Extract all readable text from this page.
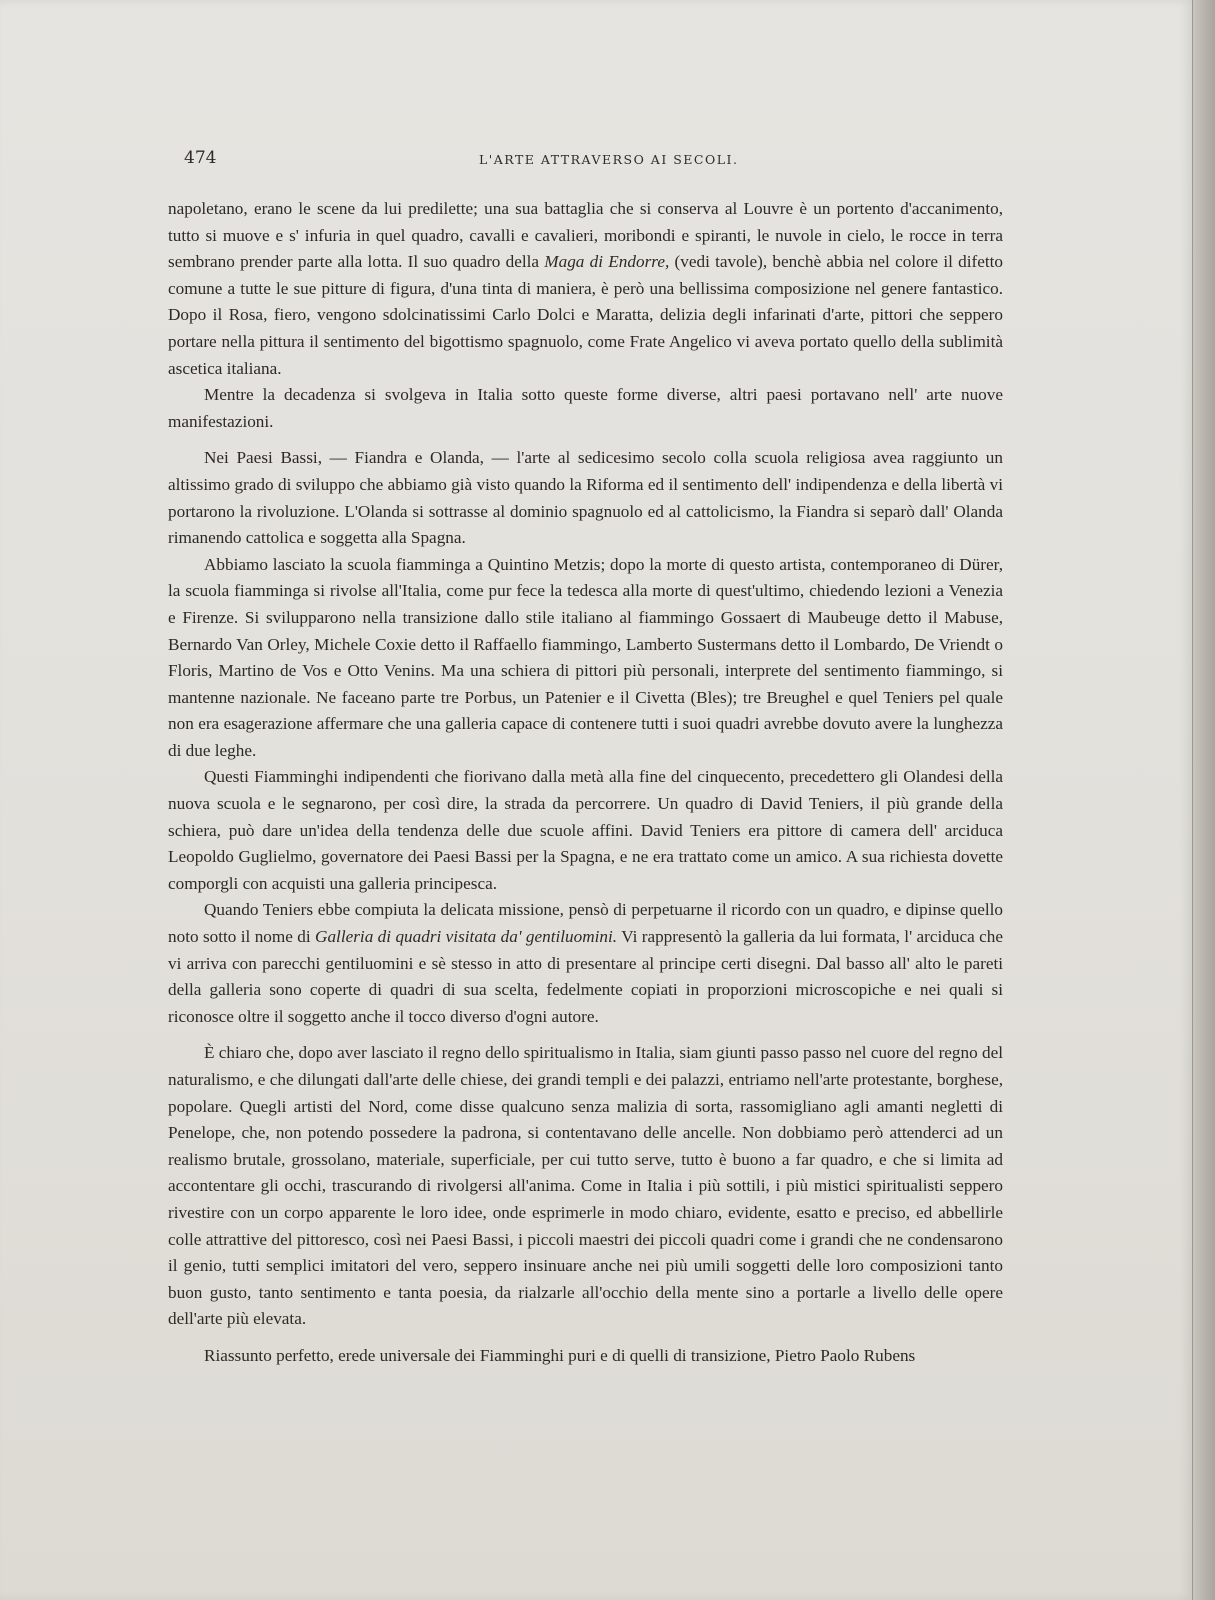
474	L'ARTE ATTRAVERSO AI SECOLI.

napoletano, erano le scene da lui predilette; una sua battaglia che si conserva al Louvre è un portento d'accanimento, tutto si muove e s' infuria in quel quadro, cavalli e cavalieri, moribondi e spiranti, le nuvole in cielo, le rocce in terra sembrano prender parte alla lotta. Il suo quadro della Maga di Endorre, (vedi tavole), benchè abbia nel colore il difetto comune a tutte le sue pitture di figura, d'una tinta di maniera, è però una bellissima composizione nel genere fantastico. Dopo il Rosa, fiero, vengono sdolcinatissimi Carlo Dolci e Maratta, delizia degli infarinati d'arte, pittori che seppero portare nella pittura il sentimento del bigottismo spagnuolo, come Frate Angelico vi aveva portato quello della sublimità ascetica italiana.

Mentre la decadenza si svolgeva in Italia sotto queste forme diverse, altri paesi portavano nell' arte nuove manifestazioni.

Nei Paesi Bassi, — Fiandra e Olanda, — l'arte al sedicesimo secolo colla scuola religiosa avea raggiunto un altissimo grado di sviluppo che abbiamo già visto quando la Riforma ed il sentimento dell' indipendenza e della libertà vi portarono la rivoluzione. L'Olanda si sottrasse al dominio spagnuolo ed al cattolicismo, la Fiandra si separò dall' Olanda rimanendo cattolica e soggetta alla Spagna.

Abbiamo lasciato la scuola fiamminga a Quintino Metzis; dopo la morte di questo artista, contemporaneo di Dürer, la scuola fiamminga si rivolse all'Italia, come pur fece la tedesca alla morte di quest'ultimo, chiedendo lezioni a Venezia e Firenze. Si svilupparono nella transizione dallo stile italiano al fiammingo Gossaert di Maubeuge detto il Mabuse, Bernardo Van Orley, Michele Coxie detto il Raffaello fiammingo, Lamberto Sustermans detto il Lombardo, De Vriendt o Floris, Martino de Vos e Otto Venins. Ma una schiera di pittori più personali, interprete del sentimento fiammingo, si mantenne nazionale. Ne faceano parte tre Porbus, un Patenier e il Civetta (Bles); tre Breughel e quel Teniers pel quale non era esagerazione affermare che una galleria capace di contenere tutti i suoi quadri avrebbe dovuto avere la lunghezza di due leghe.

Questi Fiamminghi indipendenti che fiorivano dalla metà alla fine del cinquecento, precedettero gli Olandesi della nuova scuola e le segnarono, per così dire, la strada da percorrere. Un quadro di David Teniers, il più grande della schiera, può dare un'idea della tendenza delle due scuole affini. David Teniers era pittore di camera dell' arciduca Leopoldo Guglielmo, governatore dei Paesi Bassi per la Spagna, e ne era trattato come un amico. A sua richiesta dovette comporgli con acquisti una galleria principesca.

Quando Teniers ebbe compiuta la delicata missione, pensò di perpetuarne il ricordo con un quadro, e dipinse quello noto sotto il nome di Galleria di quadri visitata da' gentiluomini. Vi rappresentò la galleria da lui formata, l' arciduca che vi arriva con parecchi gentiluomini e sè stesso in atto di presentare al principe certi disegni. Dal basso all' alto le pareti della galleria sono coperte di quadri di sua scelta, fedelmente copiati in proporzioni microscopiche e nei quali si riconosce oltre il soggetto anche il tocco diverso d'ogni autore.

È chiaro che, dopo aver lasciato il regno dello spiritualismo in Italia, siam giunti passo passo nel cuore del regno del naturalismo, e che dilungati dall'arte delle chiese, dei grandi templi e dei palazzi, entriamo nell'arte protestante, borghese, popolare. Quegli artisti del Nord, come disse qualcuno senza malizia di sorta, rassomigliano agli amanti negletti di Penelope, che, non potendo possedere la padrona, si contentavano delle ancelle. Non dobbiamo però attenderci ad un realismo brutale, grossolano, materiale, superficiale, per cui tutto serve, tutto è buono a far quadro, e che si limita ad accontentare gli occhi, trascurando di rivolgersi all'anima. Come in Italia i più sottili, i più mistici spiritualisti seppero rivestire con un corpo apparente le loro idee, onde esprimerle in modo chiaro, evidente, esatto e preciso, ed abbellirle colle attrattive del pittoresco, così nei Paesi Bassi, i piccoli maestri dei piccoli quadri come i grandi che ne condensarono il genio, tutti semplici imitatori del vero, seppero insinuare anche nei più umili soggetti delle loro composizioni tanto buon gusto, tanto sentimento e tanta poesia, da rialzarle all'occhio della mente sino a portarle a livello delle opere dell'arte più elevata.

Riassunto perfetto, erede universale dei Fiamminghi puri e di quelli di transizione, Pietro Paolo Rubens
